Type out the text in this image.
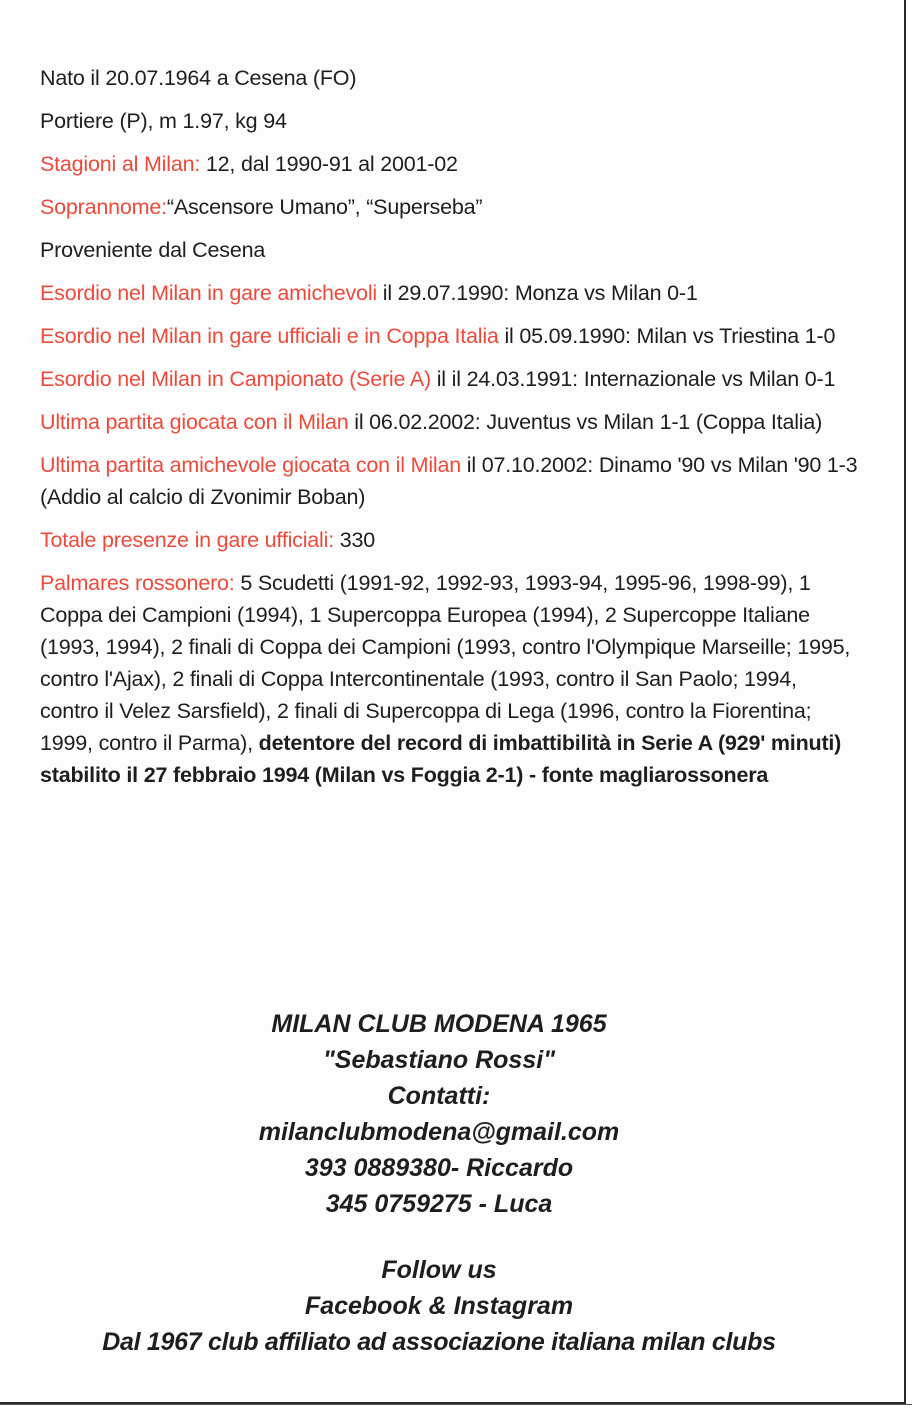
Nato il 20.07.1964 a Cesena (FO)

Portiere (P), m 1.97, kg 94

Stagioni al Milan: 12, dal 1990-91 al 2001-02

Soprannome:“Ascensore Umano”, “Superseba”

Proveniente dal Cesena

Esordio nel Milan in gare amichevoli il 29.07.1990: Monza vs Milan 0-1

Esordio nel Milan in gare ufficiali e in Coppa Italia il 05.09.1990: Milan vs Triestina 1-0

Esordio nel Milan in Campionato (Serie A) il il 24.03.1991: Internazionale vs Milan 0-1

Ultima partita giocata con il Milan il 06.02.2002: Juventus vs Milan 1-1 (Coppa Italia)

Ultima partita amichevole giocata con il Milan il 07.10.2002: Dinamo '90 vs Milan '90 1-3 (Addio al calcio di Zvonimir Boban)

Totale presenze in gare ufficiali: 330

Palmares rossonero: 5 Scudetti (1991-92, 1992-93, 1993-94, 1995-96, 1998-99), 1 Coppa dei Campioni (1994), 1 Supercoppa Europea (1994), 2 Supercoppe Italiane (1993, 1994), 2 finali di Coppa dei Campioni (1993, contro l'Olympique Marseille; 1995, contro l'Ajax), 2 finali di Coppa Intercontinentale (1993, contro il San Paolo; 1994, contro il Velez Sarsfield), 2 finali di Supercoppa di Lega (1996, contro la Fiorentina; 1999, contro il Parma), detentore del record di imbattibilità in Serie A (929' minuti) stabilito il 27 febbraio 1994 (Milan vs Foggia 2-1) - fonte magliarossonera

MILAN CLUB MODENA 1965
"Sebastiano Rossi"
Contatti:
milanclubmodena@gmail.com
393 0889380- Riccardo
345 0759275 - Luca
Follow us
Facebook & Instagram
Dal 1967 club affiliato ad associazione italiana milan clubs
